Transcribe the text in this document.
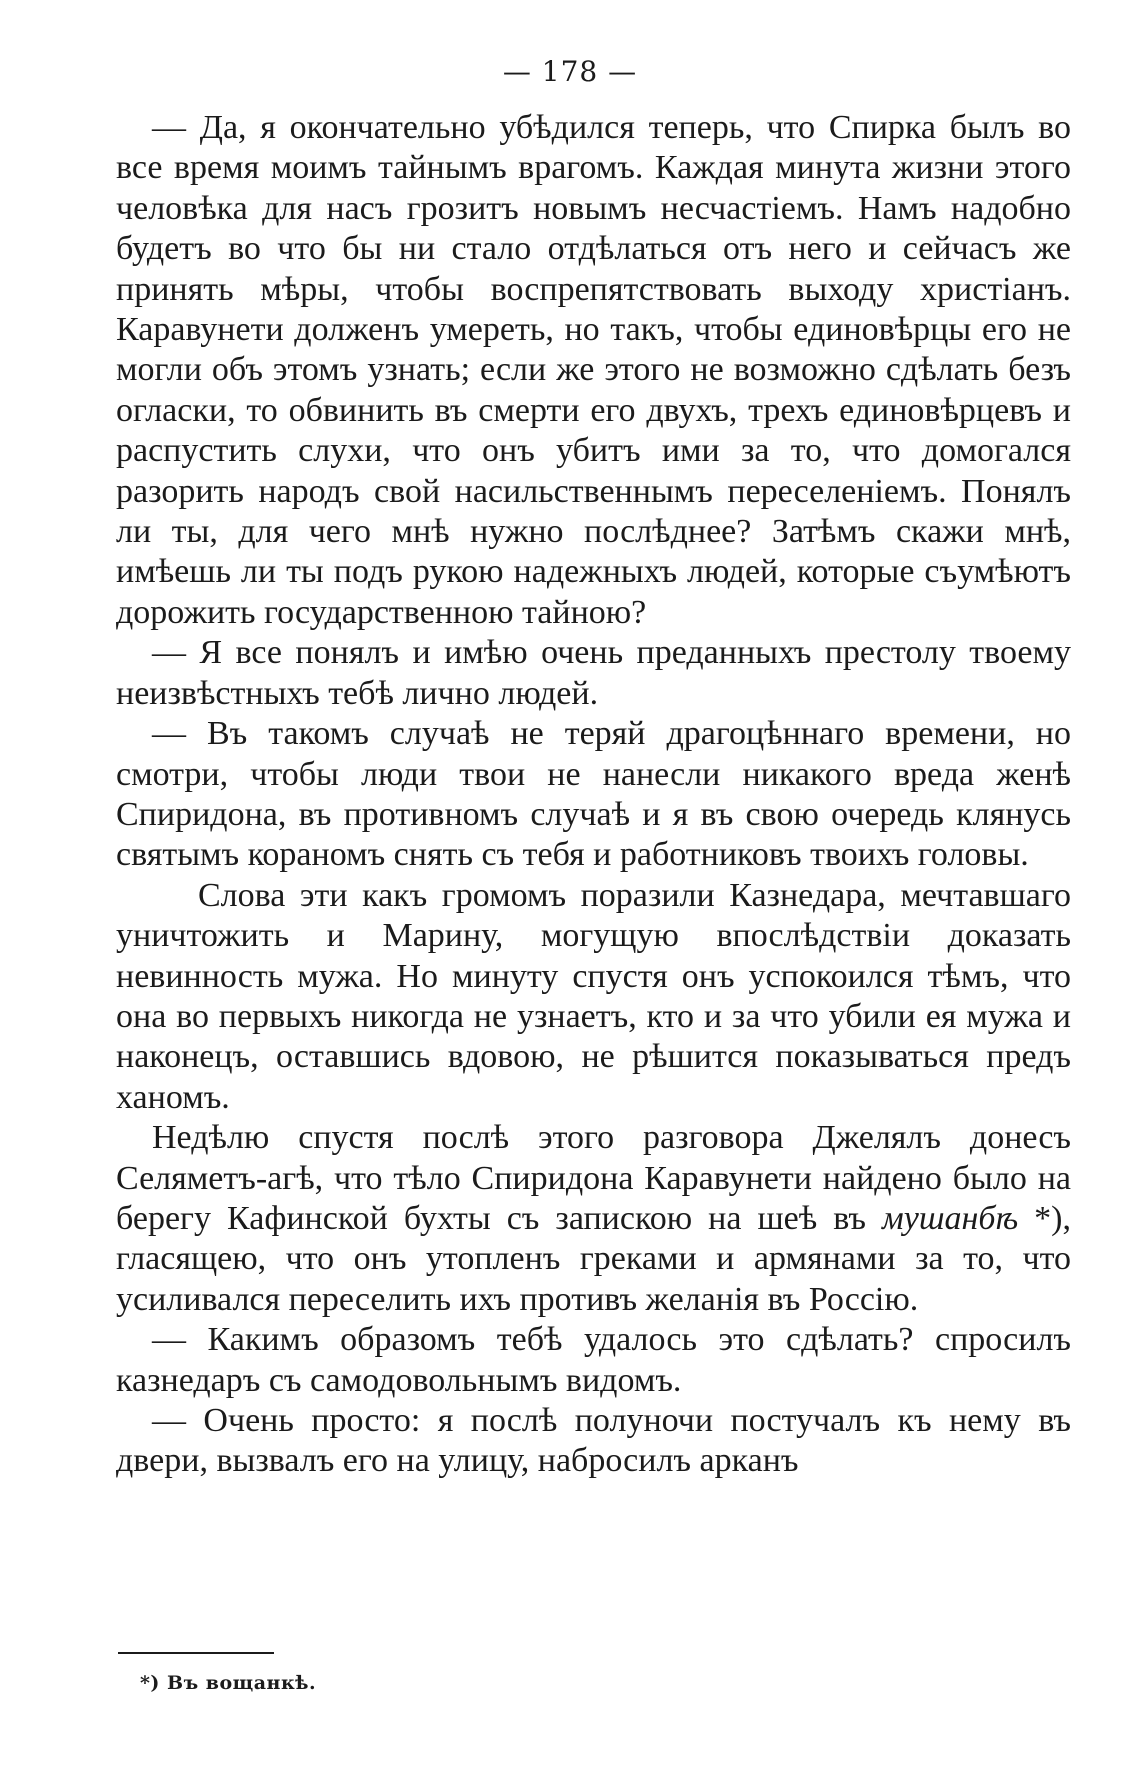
— 178 —

— Да, я окончательно убѣдился теперь, что Спирка былъ во все время моимъ тайнымъ врагомъ. Каждая минута жизни этого человѣка для насъ грозитъ новымъ несчастіемъ. Намъ надобно будетъ во что бы ни стало отдѣлаться отъ него и сейчасъ же принять мѣры, чтобы воспрепятствовать выходу христіанъ. Каравунети долженъ умереть, но такъ, чтобы единовѣрцы его не могли объ этомъ узнать; если же этого не возможно сдѣлать безъ огласки, то обвинить въ смерти его двухъ, трехъ единовѣрцевъ и распустить слухи, что онъ убитъ ими за то, что домогался разорить народъ свой насильственнымъ переселеніемъ. Понялъ ли ты, для чего мнѣ нужно послѣднее? Затѣмъ скажи мнѣ, имѣешь ли ты подъ рукою надежныхъ людей, которые съумѣютъ дорожить государственною тайною?

— Я все понялъ и имѣю очень преданныхъ престолу твоему неизвѣстныхъ тебѣ лично людей.

— Въ такомъ случаѣ не теряй драгоцѣннаго времени, но смотри, чтобы люди твои не нанесли никакого вреда женѣ Спиридона, въ противномъ случаѣ и я въ свою очередь клянусь святымъ кораномъ снять съ тебя и работниковъ твоихъ головы.

Слова эти какъ громомъ поразили Казнедара, мечтавшаго уничтожить и Марину, могущую впослѣдствіи доказать невинность мужа. Но минуту спустя онъ успокоился тѣмъ, что она во первыхъ никогда не узнаетъ, кто и за что убили ея мужа и наконецъ, оставшись вдовою, не рѣшится показываться предъ ханомъ.

Недѣлю спустя послѣ этого разговора Джелялъ донесъ Селяметъ-агѣ, что тѣло Спиридона Каравунети найдено было на берегу Кафинской бухты съ запискою на шеѣ въ мушанбѣ *), гласящею, что онъ утопленъ греками и армянами за то, что усиливался переселить ихъ противъ желанія въ Россію.

— Какимъ образомъ тебѣ удалось это сдѣлать? спросилъ казнедаръ съ самодовольнымъ видомъ.

— Очень просто: я послѣ полуночи постучалъ къ нему въ двери, вызвалъ его на улицу, набросилъ арканъ

*) Въ вощанкѣ.
